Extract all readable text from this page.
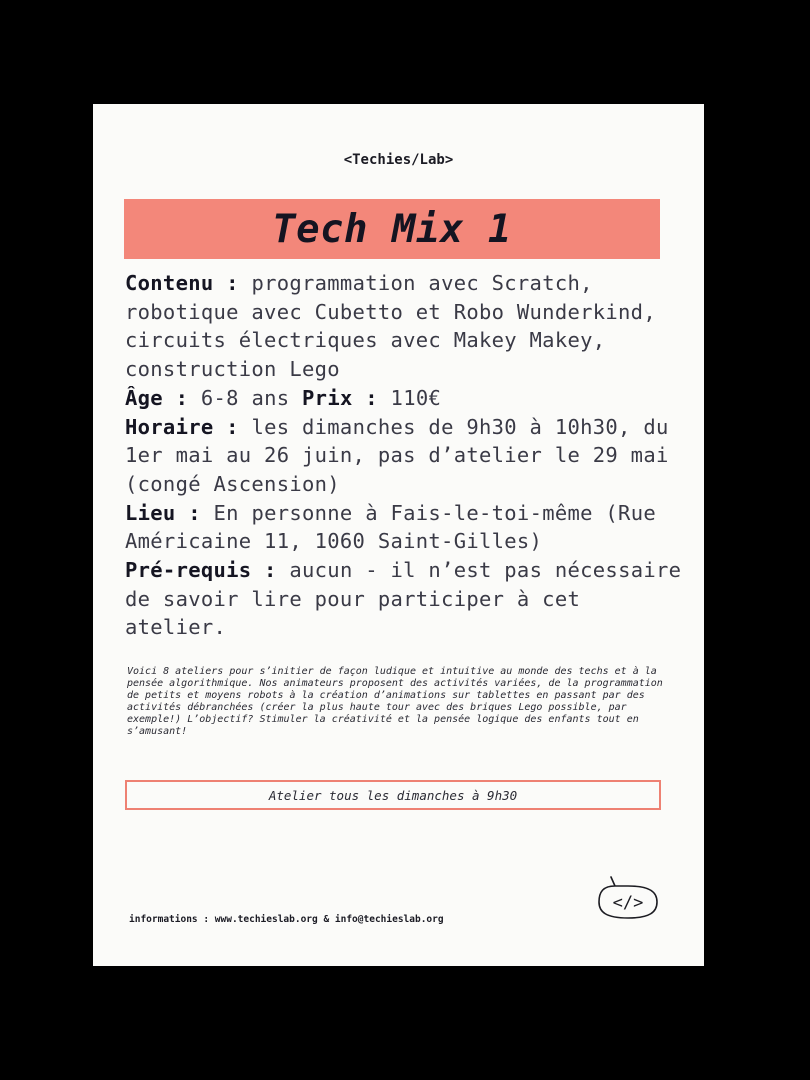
<Techies/Lab>
Tech Mix 1

Contenu : programmation avec Scratch, robotique avec Cubetto et Robo Wunderkind, circuits électriques avec Makey Makey, construction Lego

Âge : 6-8 ans Prix : 110€

Horaire : les dimanches de 9h30 à 10h30, du 1er mai au 26 juin, pas d’atelier le 29 mai (congé Ascension)

Lieu : En personne à Fais-le-toi-même (Rue Américaine 11, 1060 Saint-Gilles)

Pré-requis : aucun - il n’est pas nécessaire de savoir lire pour participer à cet atelier.

Voici 8 ateliers pour s’initier de façon ludique et intuitive au monde des techs et à la pensée algorithmique. Nos animateurs proposent des activités variées, de la programmation de petits et moyens robots à la création d’animations sur tablettes en passant par des activités débranchées (créer la plus haute tour avec des briques Lego possible, par exemple!) L’objectif? Stimuler la créativité et la pensée logique des enfants tout en s’amusant!

Atelier tous les dimanches à 9h30
informations : www.techieslab.org & info@techieslab.org
</>
